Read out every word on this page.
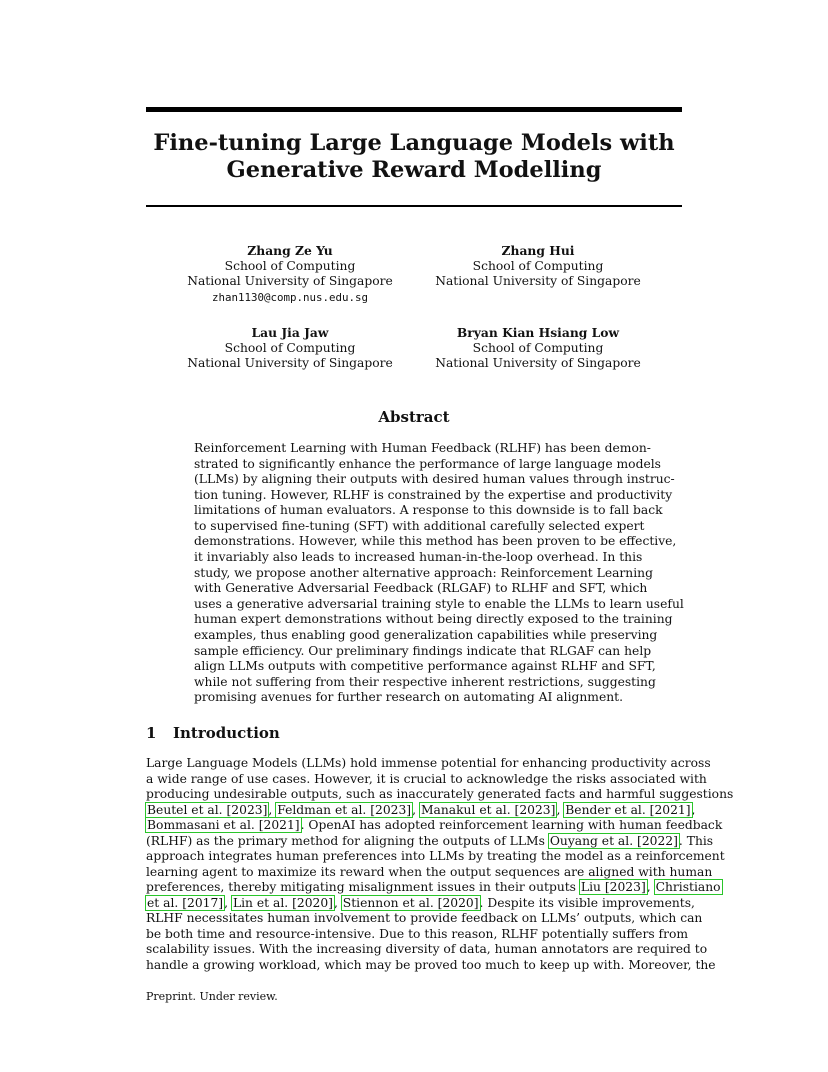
Fine-tuning Large Language Models with
Generative Reward Modelling
Zhang Ze Yu
School of Computing
National University of Singapore
zhan1130@comp.nus.edu.sg
Zhang Hui
School of Computing
National University of Singapore
Lau Jia Jaw
School of Computing
National University of Singapore
Bryan Kian Hsiang Low
School of Computing
National University of Singapore
Abstract
Reinforcement Learning with Human Feedback (RLHF) has been demon-
strated to significantly enhance the performance of large language models
(LLMs) by aligning their outputs with desired human values through instruc-
tion tuning. However, RLHF is constrained by the expertise and productivity
limitations of human evaluators. A response to this downside is to fall back
to supervised fine-tuning (SFT) with additional carefully selected expert
demonstrations. However, while this method has been proven to be effective,
it invariably also leads to increased human-in-the-loop overhead. In this
study, we propose another alternative approach: Reinforcement Learning
with Generative Adversarial Feedback (RLGAF) to RLHF and SFT, which
uses a generative adversarial training style to enable the LLMs to learn useful
human expert demonstrations without being directly exposed to the training
examples, thus enabling good generalization capabilities while preserving
sample efficiency. Our preliminary findings indicate that RLGAF can help
align LLMs outputs with competitive performance against RLHF and SFT,
while not suffering from their respective inherent restrictions, suggesting
promising avenues for further research on automating AI alignment.
1 Introduction
Large Language Models (LLMs) hold immense potential for enhancing productivity across
a wide range of use cases. However, it is crucial to acknowledge the risks associated with
producing undesirable outputs, such as inaccurately generated facts and harmful suggestions
Beutel et al. [2023], Feldman et al. [2023], Manakul et al. [2023], Bender et al. [2021],
Bommasani et al. [2021]. OpenAI has adopted reinforcement learning with human feedback
(RLHF) as the primary method for aligning the outputs of LLMs Ouyang et al. [2022]. This
approach integrates human preferences into LLMs by treating the model as a reinforcement
learning agent to maximize its reward when the output sequences are aligned with human
preferences, thereby mitigating misalignment issues in their outputs Liu [2023], Christiano
et al. [2017], Lin et al. [2020], Stiennon et al. [2020]. Despite its visible improvements,
RLHF necessitates human involvement to provide feedback on LLMs’ outputs, which can
be both time and resource-intensive. Due to this reason, RLHF potentially suffers from
scalability issues. With the increasing diversity of data, human annotators are required to
handle a growing workload, which may be proved too much to keep up with. Moreover, the
Preprint. Under review.
